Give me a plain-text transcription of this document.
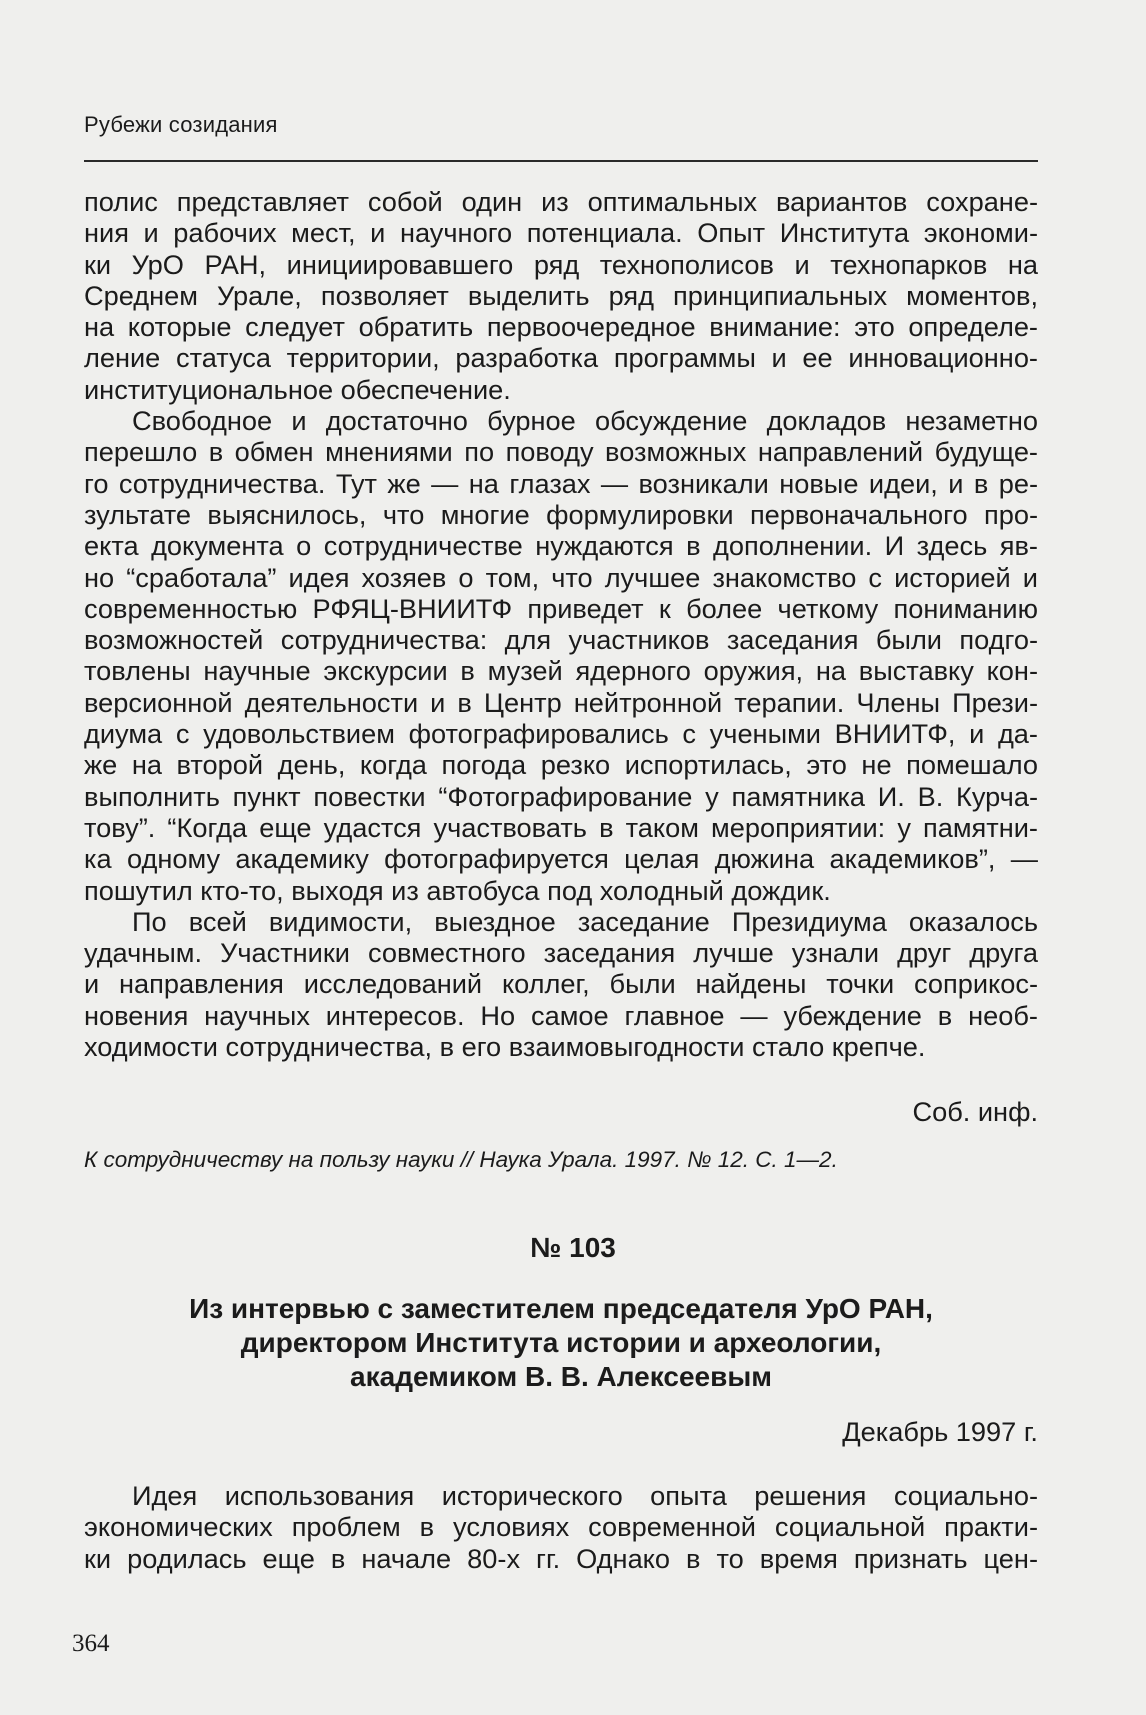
Рубежи созидания
полис представляет собой один из оптимальных вариантов сохране-
ния и рабочих мест, и научного потенциала. Опыт Института экономи-
ки УрО РАН, инициировавшего ряд технополисов и технопарков на
Среднем Урале, позволяет выделить ряд принципиальных моментов,
на которые следует обратить первоочередное внимание: это определе-
ление статуса территории, разработка программы и ее инновационно-
институциональное обеспечение.
Свободное и достаточно бурное обсуждение докладов незаметно
перешло в обмен мнениями по поводу возможных направлений будуще-
го сотрудничества. Тут же — на глазах — возникали новые идеи, и в ре-
зультате выяснилось, что многие формулировки первоначального про-
екта документа о сотрудничестве нуждаются в дополнении. И здесь яв-
но “сработала” идея хозяев о том, что лучшее знакомство с историей и
современностью РФЯЦ-ВНИИТФ приведет к более четкому пониманию
возможностей сотрудничества: для участников заседания были подго-
товлены научные экскурсии в музей ядерного оружия, на выставку кон-
версионной деятельности и в Центр нейтронной терапии. Члены Прези-
диума с удовольствием фотографировались с учеными ВНИИТФ, и да-
же на второй день, когда погода резко испортилась, это не помешало
выполнить пункт повестки “Фотографирование у памятника И. В. Курча-
тову”. “Когда еще удастся участвовать в таком мероприятии: у памятни-
ка одному академику фотографируется целая дюжина академиков”, —
пошутил кто-то, выходя из автобуса под холодный дождик.
По всей видимости, выездное заседание Президиума оказалось
удачным. Участники совместного заседания лучше узнали друг друга
и направления исследований коллег, были найдены точки соприкос-
новения научных интересов. Но самое главное — убеждение в необ-
ходимости сотрудничества, в его взаимовыгодности стало крепче.
Соб. инф.
К сотрудничеству на пользу науки // Наука Урала. 1997. № 12. С. 1—2.
№ 103
Из интервью с заместителем председателя УрО РАН,
директором Института истории и археологии,
академиком В. В. Алексеевым
Декабрь 1997 г.
Идея использования исторического опыта решения социально-
экономических проблем в условиях современной социальной практи-
ки родилась еще в начале 80-х гг. Однако в то время признать цен-
364
